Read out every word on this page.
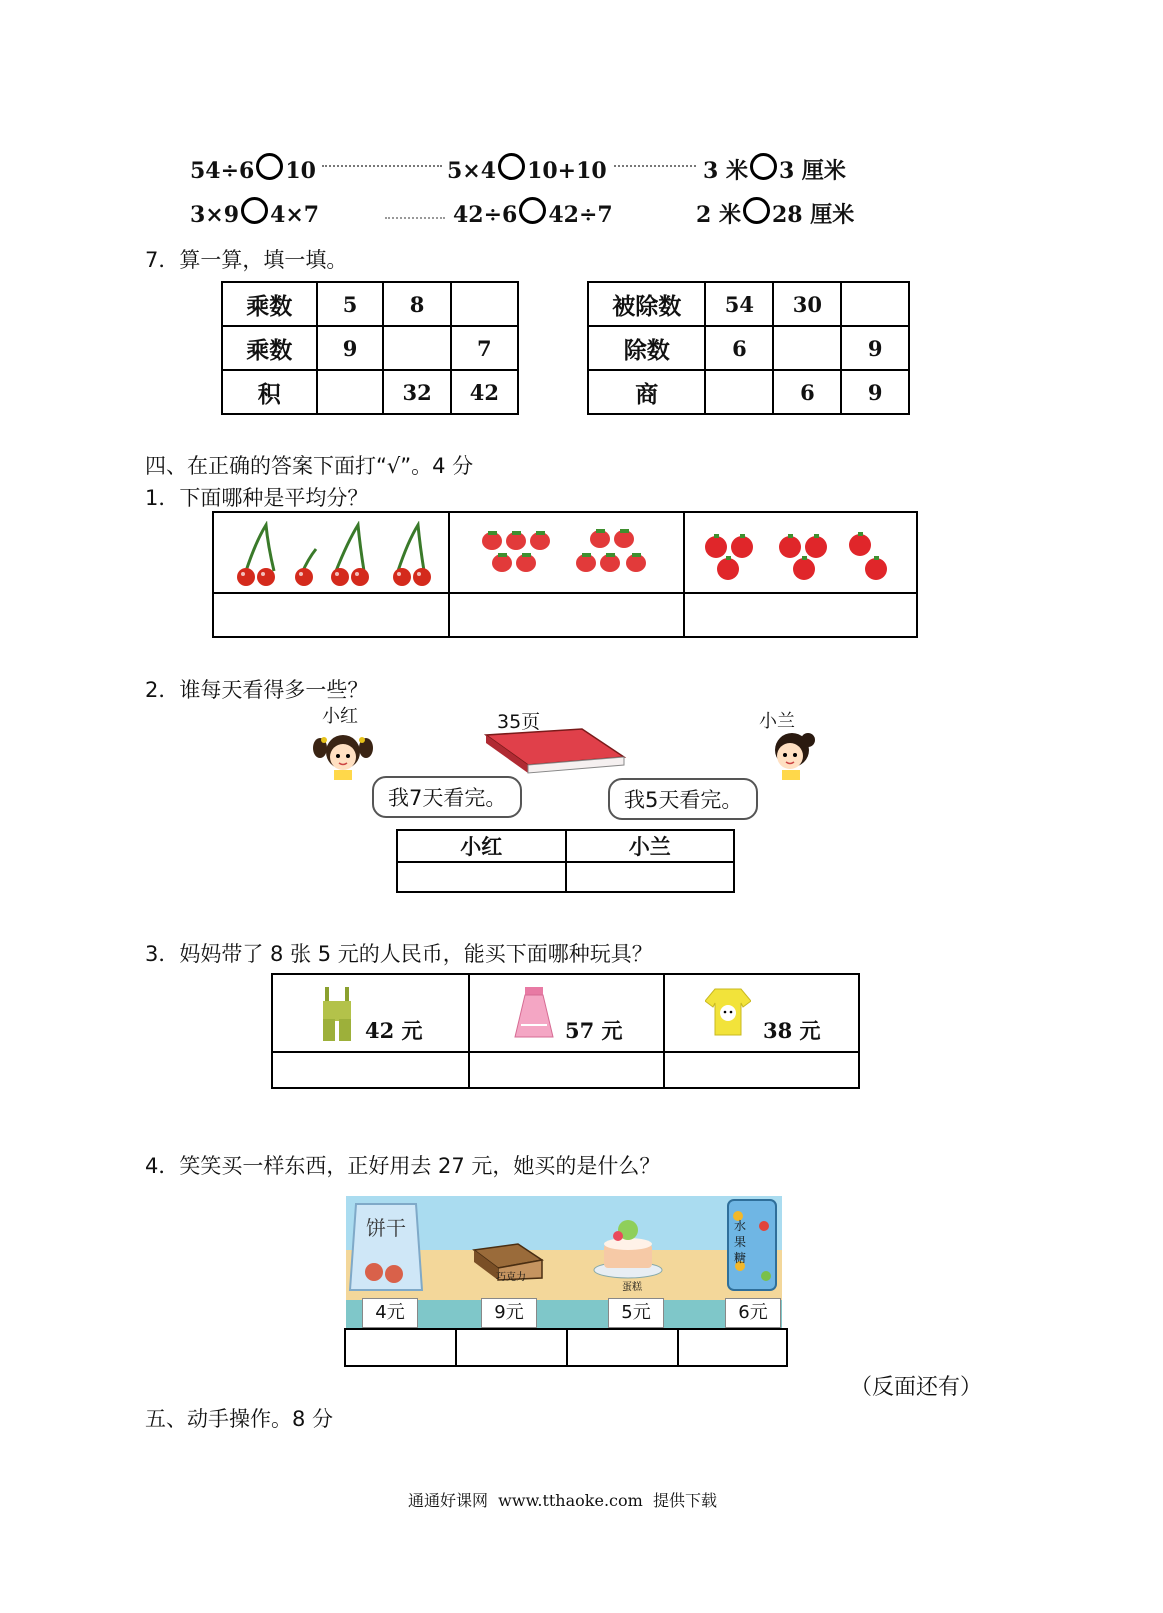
54÷6 10	5×4 10+10	3 米 3 厘米
3×9 4×7	42÷6 42÷7	2 米 28 厘米
7．算一算，填一填。
乘数	5	8	
乘数	9		7
积		32	42
被除数	54	30	
除数	6		9
商		6	9
四、在正确的答案下面打“√”。4 分
1．下面哪种是平均分？
2．谁每天看得多一些？
小红	35页	小兰
我7天看完。	我5天看完。
小红	小兰

3．妈妈带了 8 张 5 元的人民币，能买下面哪种玩具？
42 元	57 元	38 元
4．笑笑买一样东西，正好用去 27 元，她买的是什么？
饼干
巧克力
蛋糕
水果糖
4元	9元	5元	6元
（反面还有）
五、动手操作。8 分
通通好课网  www.tthaoke.com  提供下载
